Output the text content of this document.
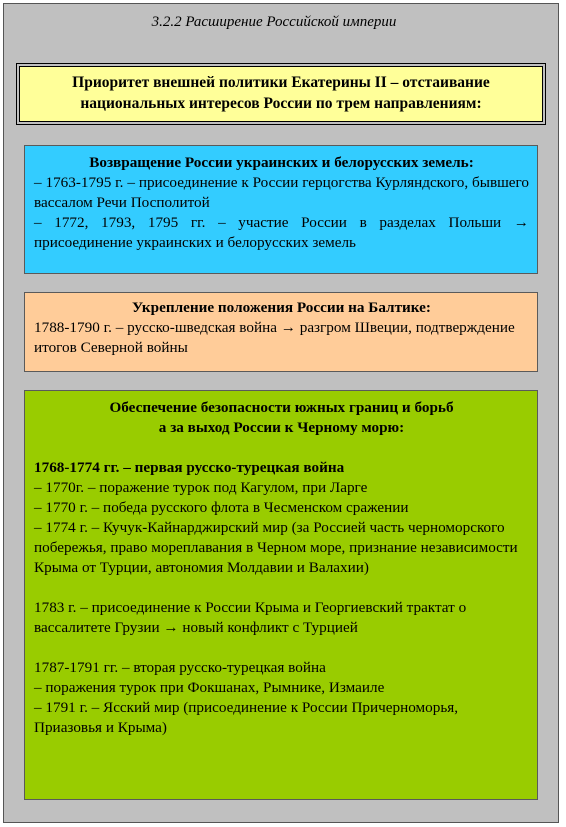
3.2.2 Расширение Российской империи
Приоритет внешней политики Екатерины II – отстаивание
национальных интересов России по трем направлениям:
Возвращение России украинских и белорусских земель:
– 1763-1795 г. – присоединение к России герцогства Курляндского, бывшего вассалом Речи Посполитой
– 1772, 1793, 1795 гг. – участие России в разделах Польши → присоединение украинских и белорусских земель
Укрепление положения России на Балтике:
1788-1790 г. – русско-шведская война → разгром Швеции, подтверждение итогов Северной войны
Обеспечение безопасности южных границ и борьб
а за выход России к Черному морю:
1768-1774 гг. – первая русско-турецкая война
– 1770г. – поражение турок под Кагулом, при Ларге
– 1770 г. – победа русского флота в Чесменском сражении
– 1774 г. – Кучук-Кайнарджирский мир (за Россией часть черноморского побережья, право мореплавания в Черном море, признание независимости Крыма от Турции, автономия Молдавии и Валахии)
1783 г. – присоединение к России Крыма и Георгиевский трактат о вассалитете Грузии → новый конфликт с Турцией
1787-1791 гг. – вторая русско-турецкая война
– поражения турок при Фокшанах, Рымнике, Измаиле
– 1791 г. – Ясский мир (присоединение к России Причерноморья, Приазовья и Крыма)
